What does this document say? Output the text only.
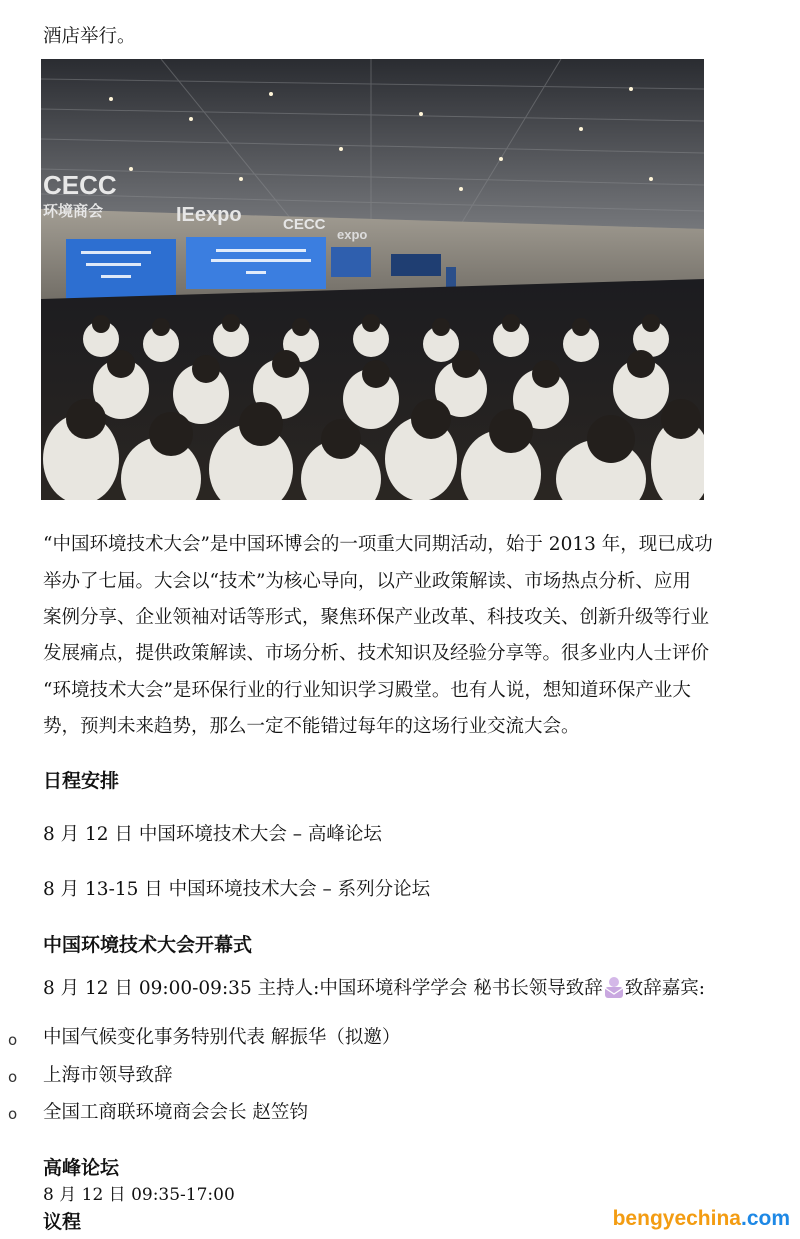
酒店举行。
CECC
环境商会	IEexpo	CECC
expo
“中国环境技术大会”是中国环博会的一项重大同期活动，始于 2013 年，现已成功
举办了七届。大会以“技术”为核心导向，以产业政策解读、市场热点分析、应用
案例分享、企业领袖对话等形式，聚焦环保产业改革、科技攻关、创新升级等行业
发展痛点，提供政策解读、市场分析、技术知识及经验分享等。很多业内人士评价
“环境技术大会”是环保行业的行业知识学习殿堂。也有人说，想知道环保产业大
势，预判未来趋势，那么一定不能错过每年的这场行业交流大会。
日程安排
8 月 12 日 中国环境技术大会 – 高峰论坛
8 月 13-15 日 中国环境技术大会 – 系列分论坛
中国环境技术大会开幕式
8 月 12 日 09:00-09:35 主持人:中国环境科学学会 秘书长领导致辞 致辞嘉宾:
o 中国气候变化事务特别代表 解振华（拟邀）
o 上海市领导致辞
o 全国工商联环境商会会长 赵笠钧
高峰论坛
8 月 12 日 09:35-17:00
议程	bengyechina.com
